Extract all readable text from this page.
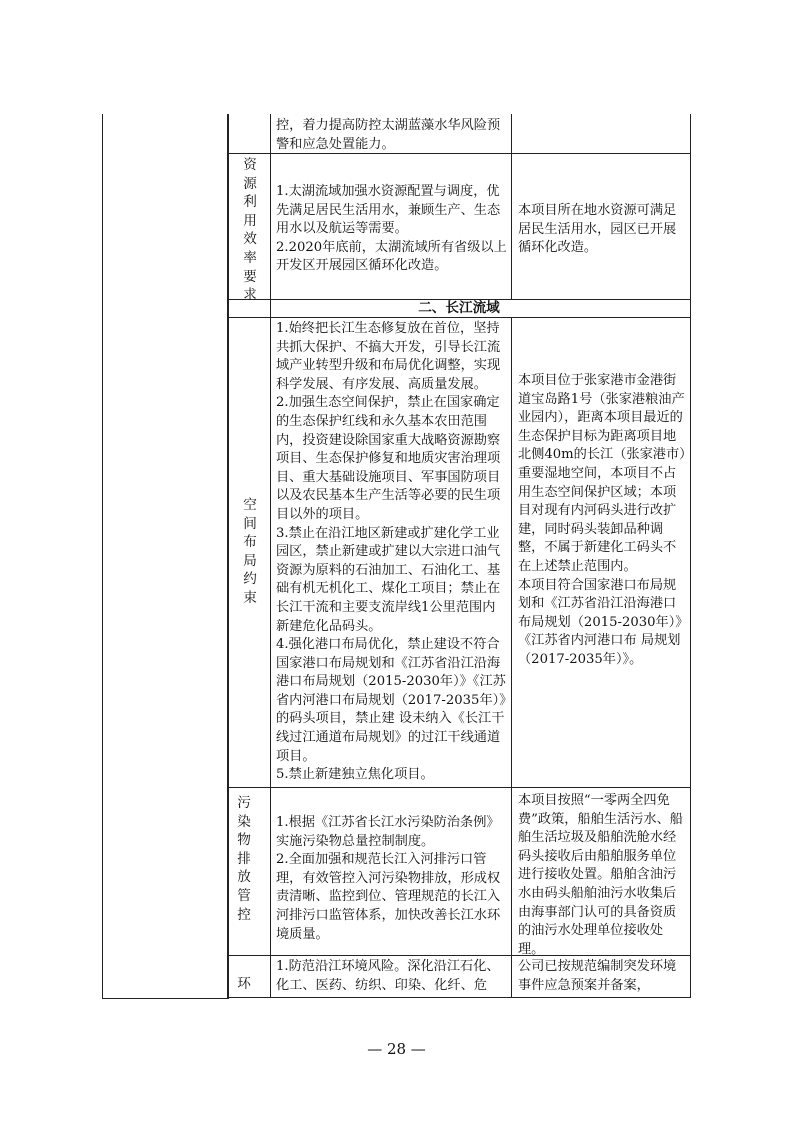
控，着力提高防控太湖蓝藻水华风险预警和应急处置能力。

资
源
利
用
效
率
要
求

1.太湖流域加强水资源配置与调度，优先满足居民生活用水，兼顾生产、生态用水以及航运等需要。

2.2020年底前，太湖流域所有省级以上开发区开展园区循环化改造。

本项目所在地水资源可满足居民生活用水，园区已开展循环化改造。

二、长江流域
空
间
布
局
约
束

1.始终把长江生态修复放在首位，坚持共抓大保护、不搞大开发，引导长江流域产业转型升级和布局优化调整，实现科学发展、有序发展、高质量发展。

2.加强生态空间保护，禁止在国家确定的生态保护红线和永久基本农田范围内，投资建设除国家重大战略资源勘察项目、生态保护修复和地质灾害治理项目、重大基础设施项目、军事国防项目以及农民基本生产生活等必要的民生项目以外的项目。

3.禁止在沿江地区新建或扩建化学工业园区，禁止新建或扩建以大宗进口油气资源为原料的石油加工、石油化工、基础有机无机化工、煤化工项目；禁止在长江干流和主要支流岸线1公里范围内新建危化品码头。

4.强化港口布局优化，禁止建设不符合国家港口布局规划和《江苏省沿江沿海港口布局规划（2015-2030年）》《江苏省内河港口布局规划（2017-2035年）》的码头项目，禁止建 设未纳入《长江干线过江通道布局规划》的过江干线通道项目。

5.禁止新建独立焦化项目。

本项目位于张家港市金港街道宝岛路1号（张家港粮油产业园内），距离本项目最近的生态保护目标为距离项目地北侧40m的长江（张家港市）重要湿地空间，本项目不占用生态空间保护区域；本项目对现有内河码头进行改扩建，同时码头装卸品种调整，不属于新建化工码头不在上述禁止范围内。

本项目符合国家港口布局规划和《江苏省沿江沿海港口布局规划（2015-2030年）》《江苏省内河港口布 局规划（2017-2035年）》。

污
染
物
排
放
管
控

1.根据《江苏省长江水污染防治条例》实施污染物总量控制制度。

2.全面加强和规范长江入河排污口管理，有效管控入河污染物排放，形成权责清晰、监控到位、管理规范的长江入河排污口监管体系，加快改善长江水环境质量。

本项目按照“一零两全四免费”政策，船舶生活污水、船舶生活垃圾及船舶洗舱水经码头接收后由船舶服务单位进行接收处置。船舶含油污水由码头船舶油污水收集后由海事部门认可的具备资质的油污水处理单位接收处理。

环

1.防范沿江环境风险。深化沿江石化、化工、医药、纺织、印染、化纤、危

公司已按规范编制突发环境事件应急预案并备案，

— 28 —
